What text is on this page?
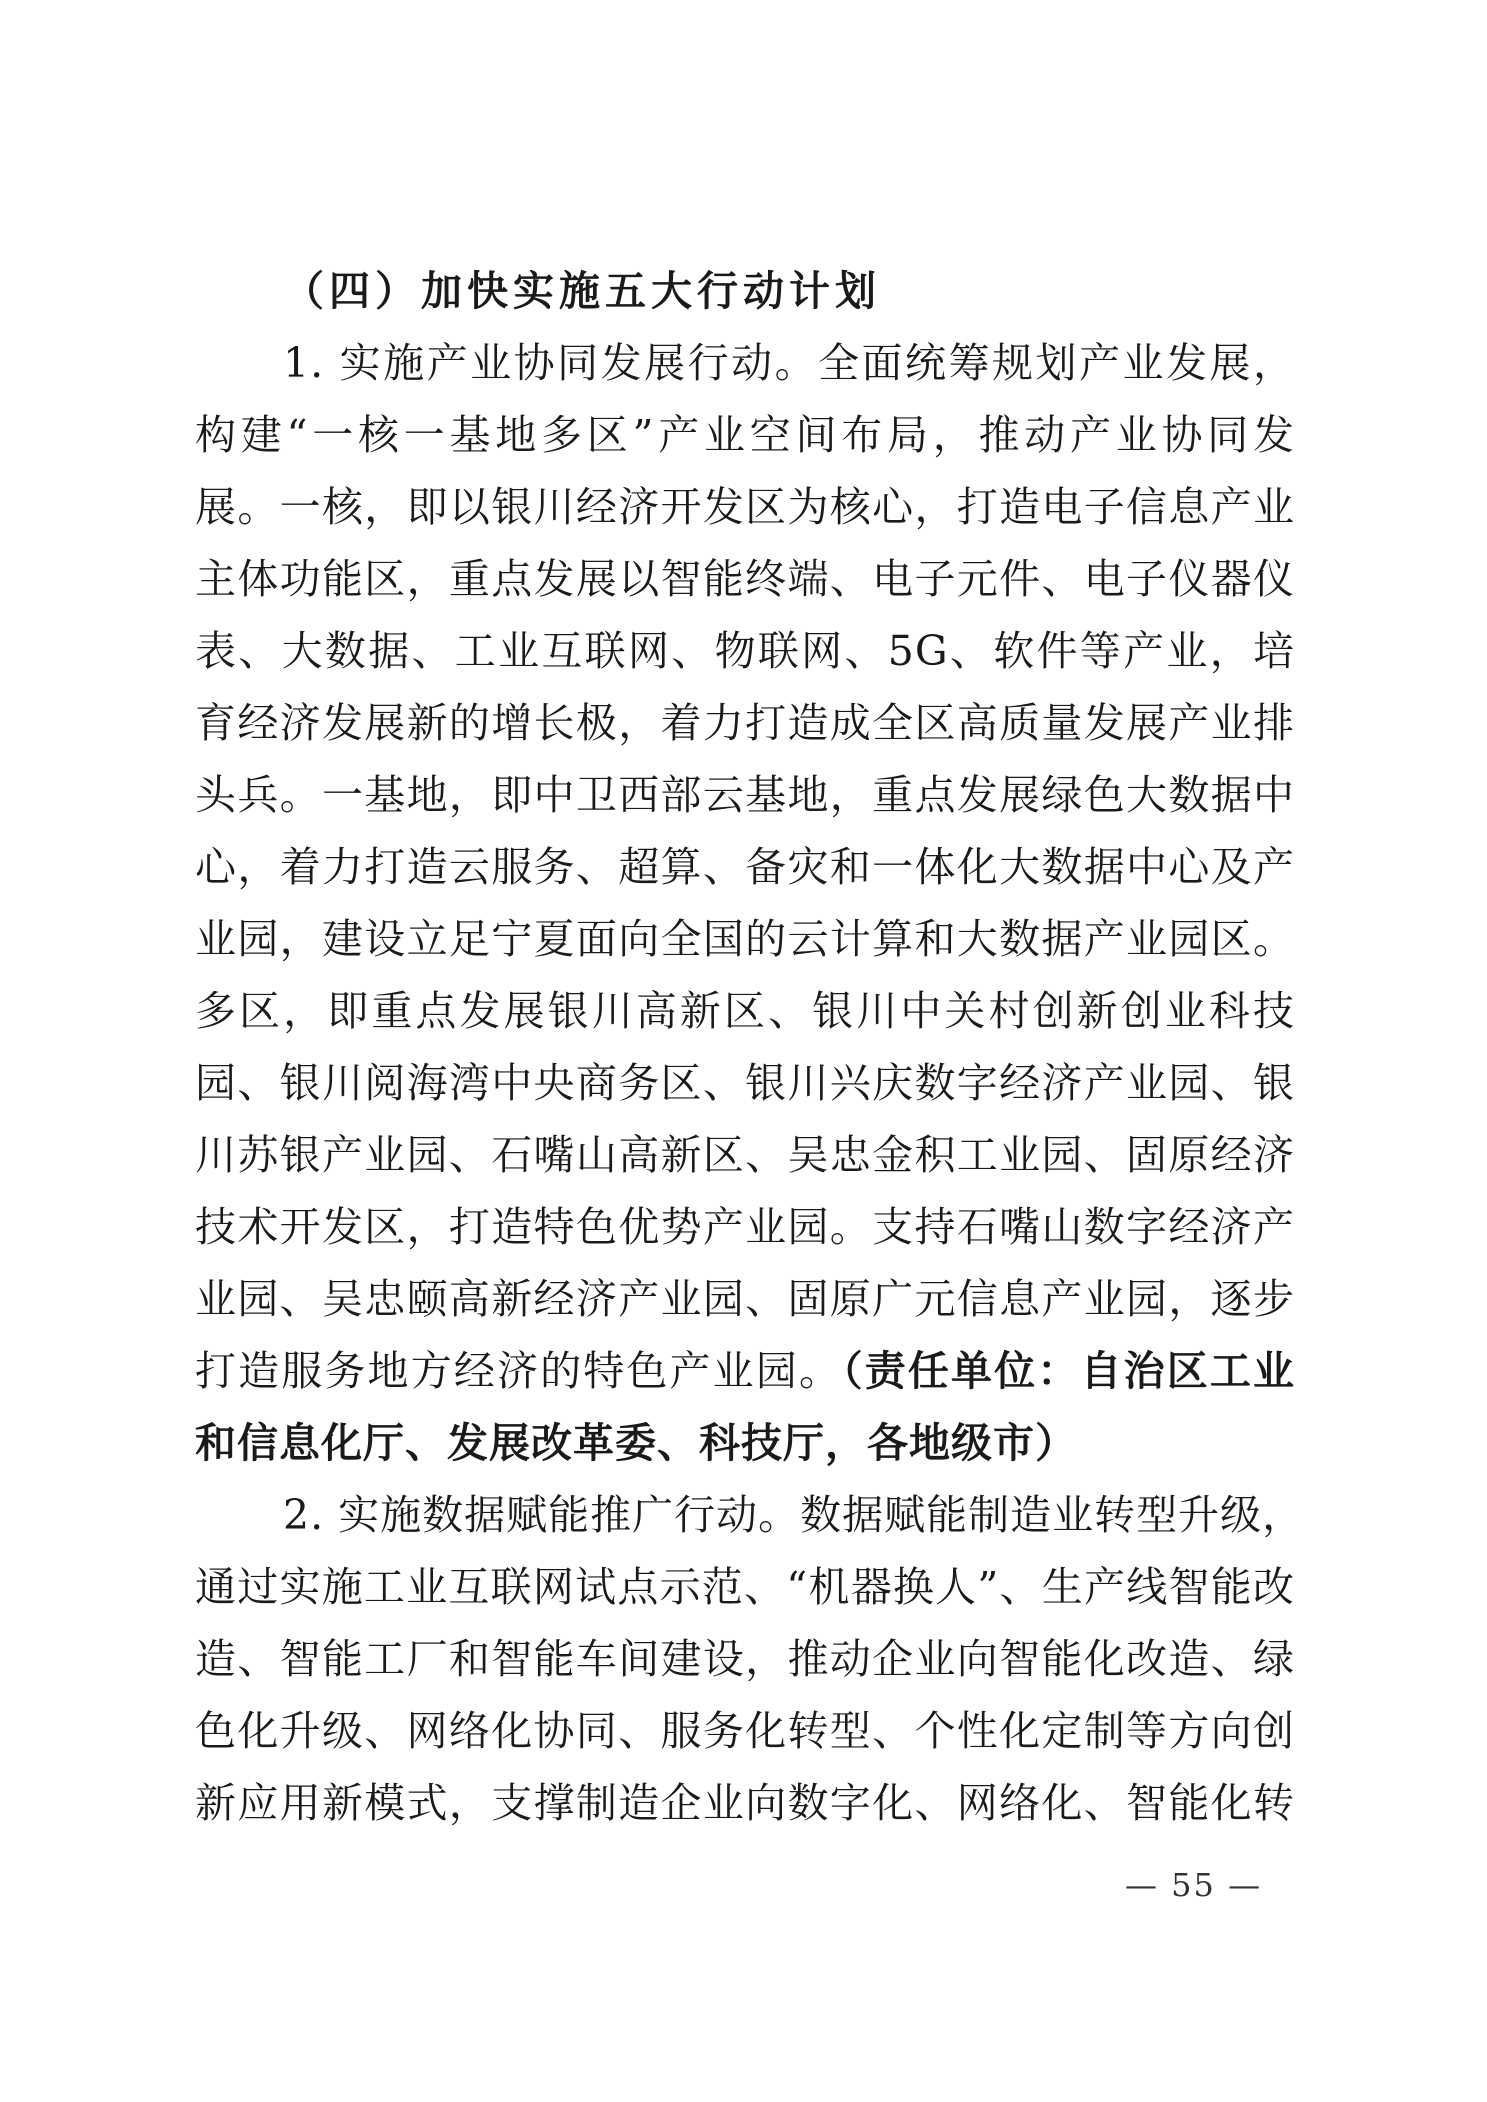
（四）加快实施五大行动计划
1. 实施产业协同发展行动。全面统筹规划产业发展，
构建“一核一基地多区”产业空间布局，推动产业协同发
展。一核，即以银川经济开发区为核心，打造电子信息产业
主体功能区，重点发展以智能终端、电子元件、电子仪器仪
表、大数据、工业互联网、物联网、5G、软件等产业，培
育经济发展新的增长极，着力打造成全区高质量发展产业排
头兵。一基地，即中卫西部云基地，重点发展绿色大数据中
心，着力打造云服务、超算、备灾和一体化大数据中心及产
业园，建设立足宁夏面向全国的云计算和大数据产业园区。
多区，即重点发展银川高新区、银川中关村创新创业科技
园、银川阅海湾中央商务区、银川兴庆数字经济产业园、银
川苏银产业园、石嘴山高新区、吴忠金积工业园、固原经济
技术开发区，打造特色优势产业园。支持石嘴山数字经济产
业园、吴忠颐高新经济产业园、固原广元信息产业园，逐步
打造服务地方经济的特色产业园。（责任单位：自治区工业
和信息化厅、发展改革委、科技厅，各地级市）
2. 实施数据赋能推广行动。数据赋能制造业转型升级，
通过实施工业互联网试点示范、“机器换人”、生产线智能改
造、智能工厂和智能车间建设，推动企业向智能化改造、绿
色化升级、网络化协同、服务化转型、个性化定制等方向创
新应用新模式，支撑制造企业向数字化、网络化、智能化转
— 55 —
